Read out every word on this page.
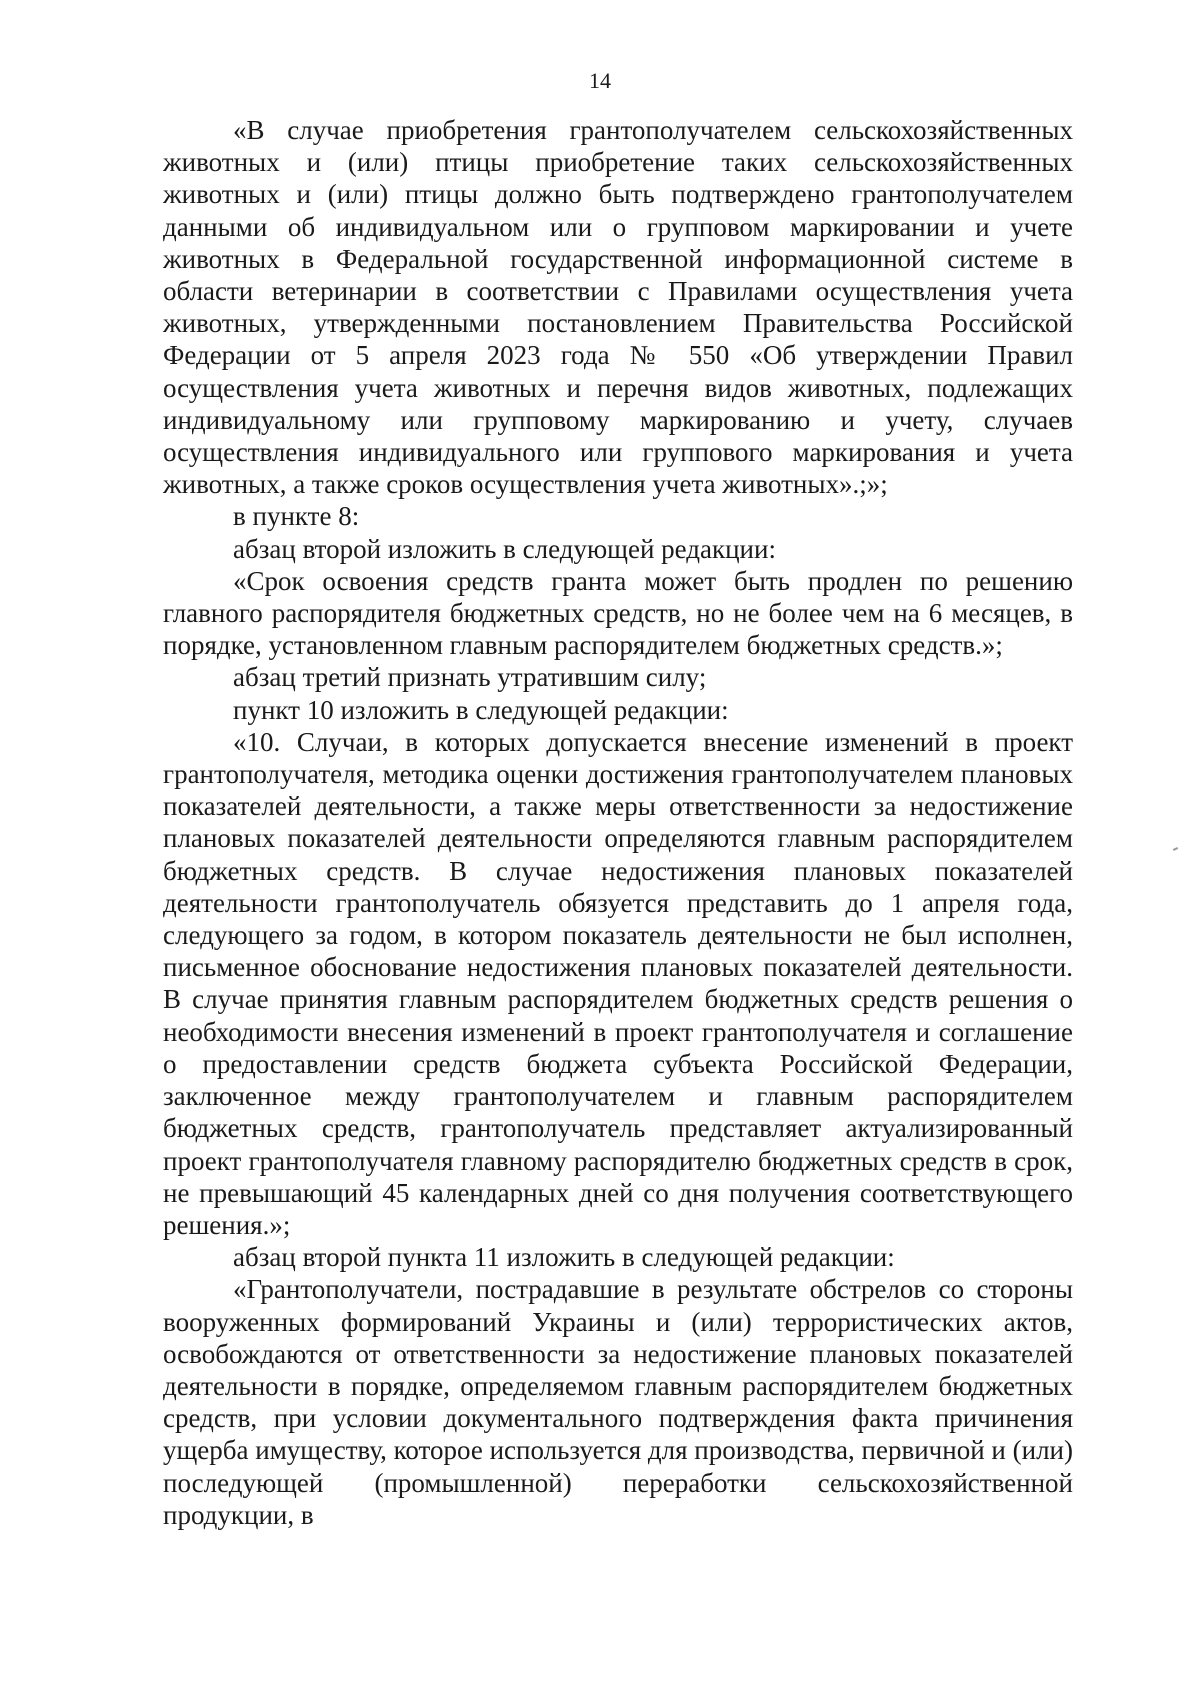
14

«В случае приобретения грантополучателем сельскохозяйственных животных и (или) птицы приобретение таких сельскохозяйственных животных и (или) птицы должно быть подтверждено грантополучателем данными об индивидуальном или о групповом маркировании и учете животных в Федеральной государственной информационной системе в области ветеринарии в соответствии с Правилами осуществления учета животных, утвержденными постановлением Правительства Российской Федерации от 5 апреля 2023 года № 550 «Об утверждении Правил осуществления учета животных и перечня видов животных, подлежащих индивидуальному или групповому маркированию и учету, случаев осуществления индивидуального или группового маркирования и учета животных, а также сроков осуществления учета животных».;»;

в пункте 8:

абзац второй изложить в следующей редакции:

«Срок освоения средств гранта может быть продлен по решению главного распорядителя бюджетных средств, но не более чем на 6 месяцев, в порядке, установленном главным распорядителем бюджетных средств.»;

абзац третий признать утратившим силу;

пункт 10 изложить в следующей редакции:

«10. Случаи, в которых допускается внесение изменений в проект грантополучателя, методика оценки достижения грантополучателем плановых показателей деятельности, а также меры ответственности за недостижение плановых показателей деятельности определяются главным распорядителем бюджетных средств. В случае недостижения плановых показателей деятельности грантополучатель обязуется представить до 1 апреля года, следующего за годом, в котором показатель деятельности не был исполнен, письменное обоснование недостижения плановых показателей деятельности. В случае принятия главным распорядителем бюджетных средств решения о необходимости внесения изменений в проект грантополучателя и соглашение о предоставлении средств бюджета субъекта Российской Федерации, заключенное между грантополучателем и главным распорядителем бюджетных средств, грантополучатель представляет актуализированный проект грантополучателя главному распорядителю бюджетных средств в срок, не превышающий 45 календарных дней со дня получения соответствующего решения.»;

абзац второй пункта 11 изложить в следующей редакции:

«Грантополучатели, пострадавшие в результате обстрелов со стороны вооруженных формирований Украины и (или) террористических актов, освобождаются от ответственности за недостижение плановых показателей деятельности в порядке, определяемом главным распорядителем бюджетных средств, при условии документального подтверждения факта причинения ущерба имуществу, которое используется для производства, первичной и (или) последующей (промышленной) переработки сельскохозяйственной продукции, в
